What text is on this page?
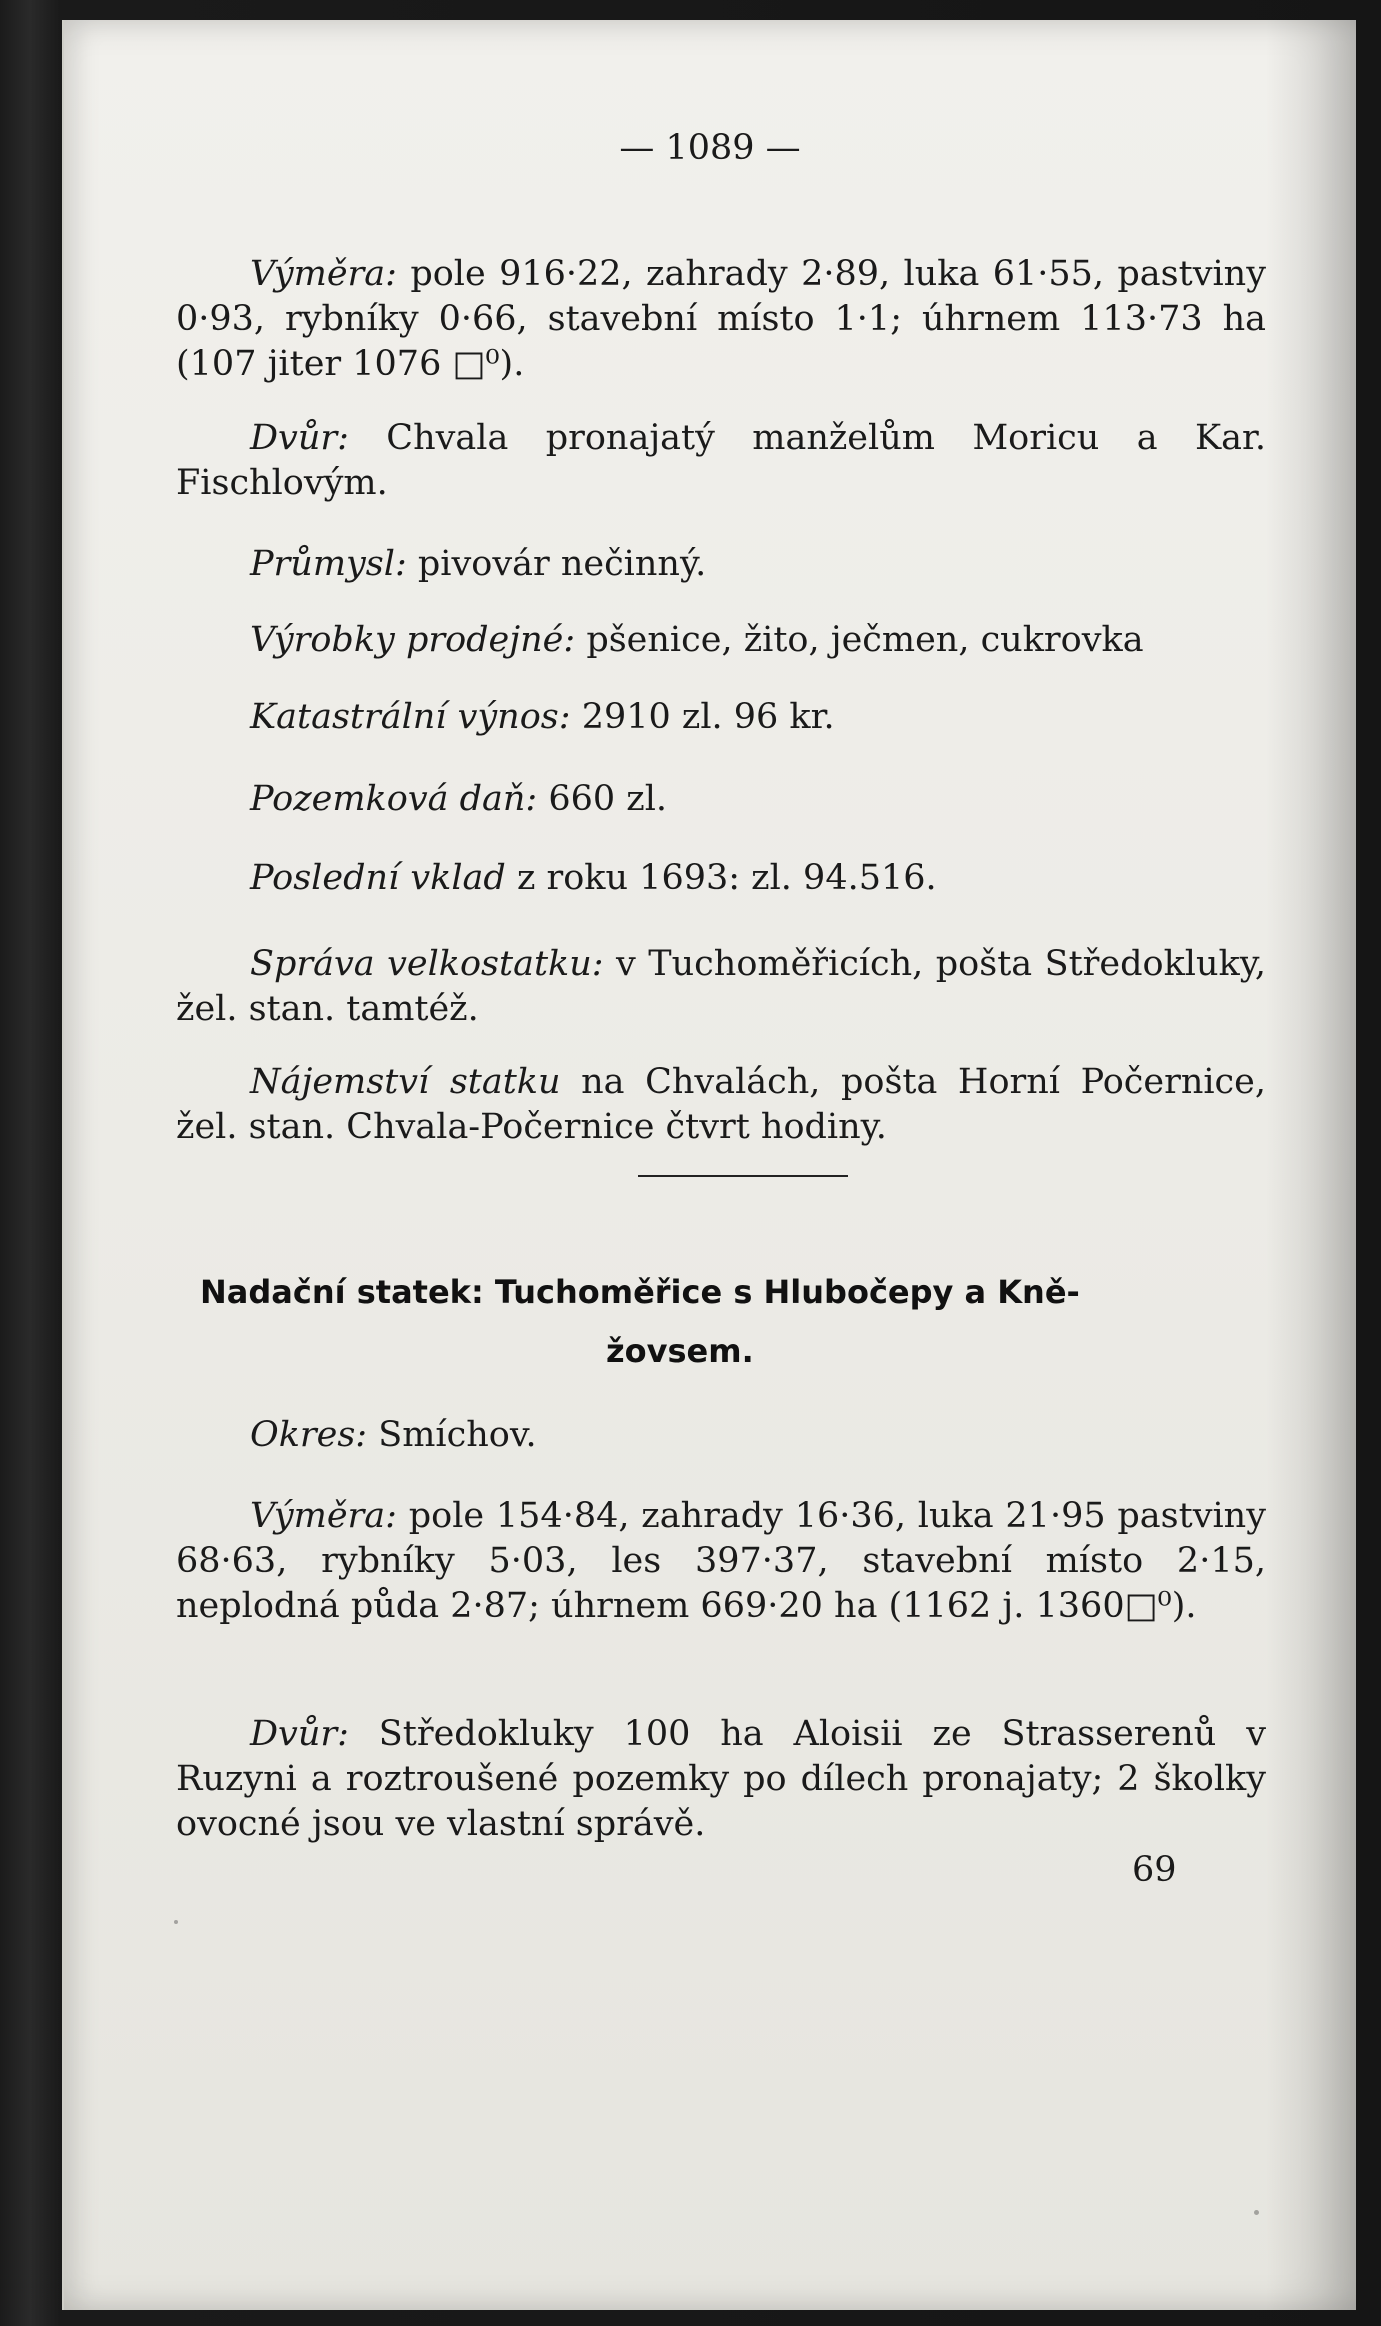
— 1089 —

Výměra: pole 916·22, zahrady 2·89, luka 61·55, pastviny 0·93, rybníky 0·66, stavební místo 1·1; úhrnem 113·73 ha (107 jiter 1076 □⁰).

Dvůr: Chvala pronajatý manželům Moricu a Kar. Fischlovým.

Průmysl: pivovár nečinný.

Výrobky prodejné: pšenice, žito, ječmen, cukrovka

Katastrální výnos: 2910 zl. 96 kr.

Pozemková daň: 660 zl.

Poslední vklad z roku 1693: zl. 94.516.

Správa velkostatku: v Tuchoměřicích, pošta Středokluky, žel. stan. tamtéž.

Nájemství statku na Chvalách, pošta Horní Počernice, žel. stan. Chvala-Počernice čtvrt hodiny.

Nadační statek: Tuchoměřice s Hlubočepy a Kně-
žovsem.

Okres: Smíchov.

Výměra: pole 154·84, zahrady 16·36, luka 21·95 pastviny 68·63, rybníky 5·03, les 397·37, stavební místo 2·15, neplodná půda 2·87; úhrnem 669·20 ha (1162 j. 1360□⁰).

Dvůr: Středokluky 100 ha Aloisii ze Strasserenů v Ruzyni a roztroušené pozemky po dílech pronajaty; 2 školky ovocné jsou ve vlastní správě.

69
